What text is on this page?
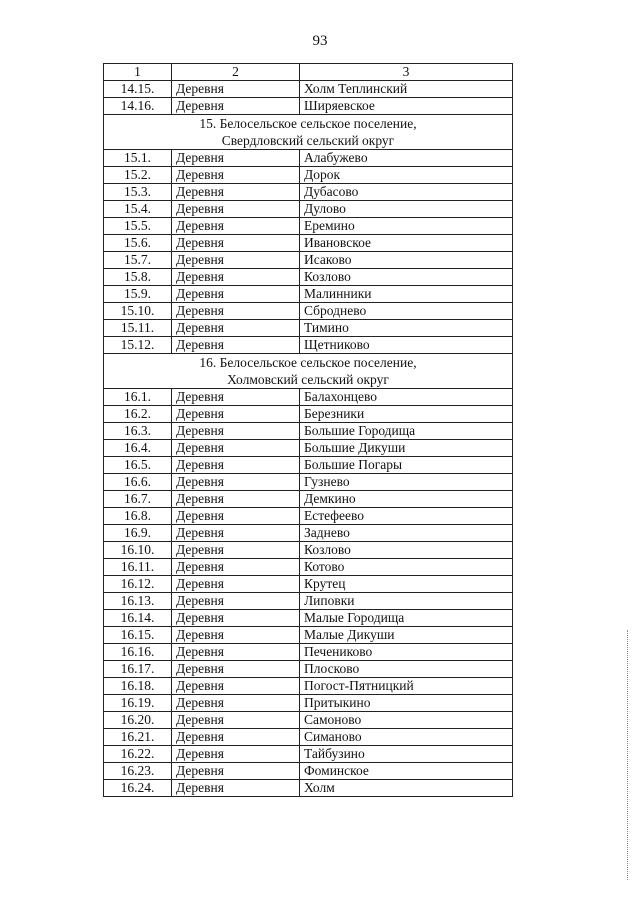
93
1	2	3
14.15.	Деревня	Холм Теплинский
14.16.	Деревня	Ширяевское

15. Белосельское сельское поселение,
Свердловский сельский округ		

15.1.	Деревня	Алабужево
15.2.	Деревня	Дорок
15.3.	Деревня	Дубасово
15.4.	Деревня	Дулово
15.5.	Деревня	Еремино
15.6.	Деревня	Ивановское
15.7.	Деревня	Исаково
15.8.	Деревня	Козлово
15.9.	Деревня	Малинники
15.10.	Деревня	Сброднево
15.11.	Деревня	Тимино
15.12.	Деревня	Щетниково

16. Белосельское сельское поселение,
Холмовский сельский округ		

16.1.	Деревня	Балахонцево
16.2.	Деревня	Березники
16.3.	Деревня	Большие Городища
16.4.	Деревня	Большие Дикуши
16.5.	Деревня	Большие Погары
16.6.	Деревня	Гузнево
16.7.	Деревня	Демкино
16.8.	Деревня	Естефеево
16.9.	Деревня	Заднево
16.10.	Деревня	Козлово
16.11.	Деревня	Котово
16.12.	Деревня	Крутец
16.13.	Деревня	Липовки
16.14.	Деревня	Малые Городища
16.15.	Деревня	Малые Дикуши
16.16.	Деревня	Печениково
16.17.	Деревня	Плосково
16.18.	Деревня	Погост-Пятницкий
16.19.	Деревня	Притыкино
16.20.	Деревня	Самоново
16.21.	Деревня	Симаново
16.22.	Деревня	Тайбузино
16.23.	Деревня	Фоминское
16.24.	Деревня	Холм
